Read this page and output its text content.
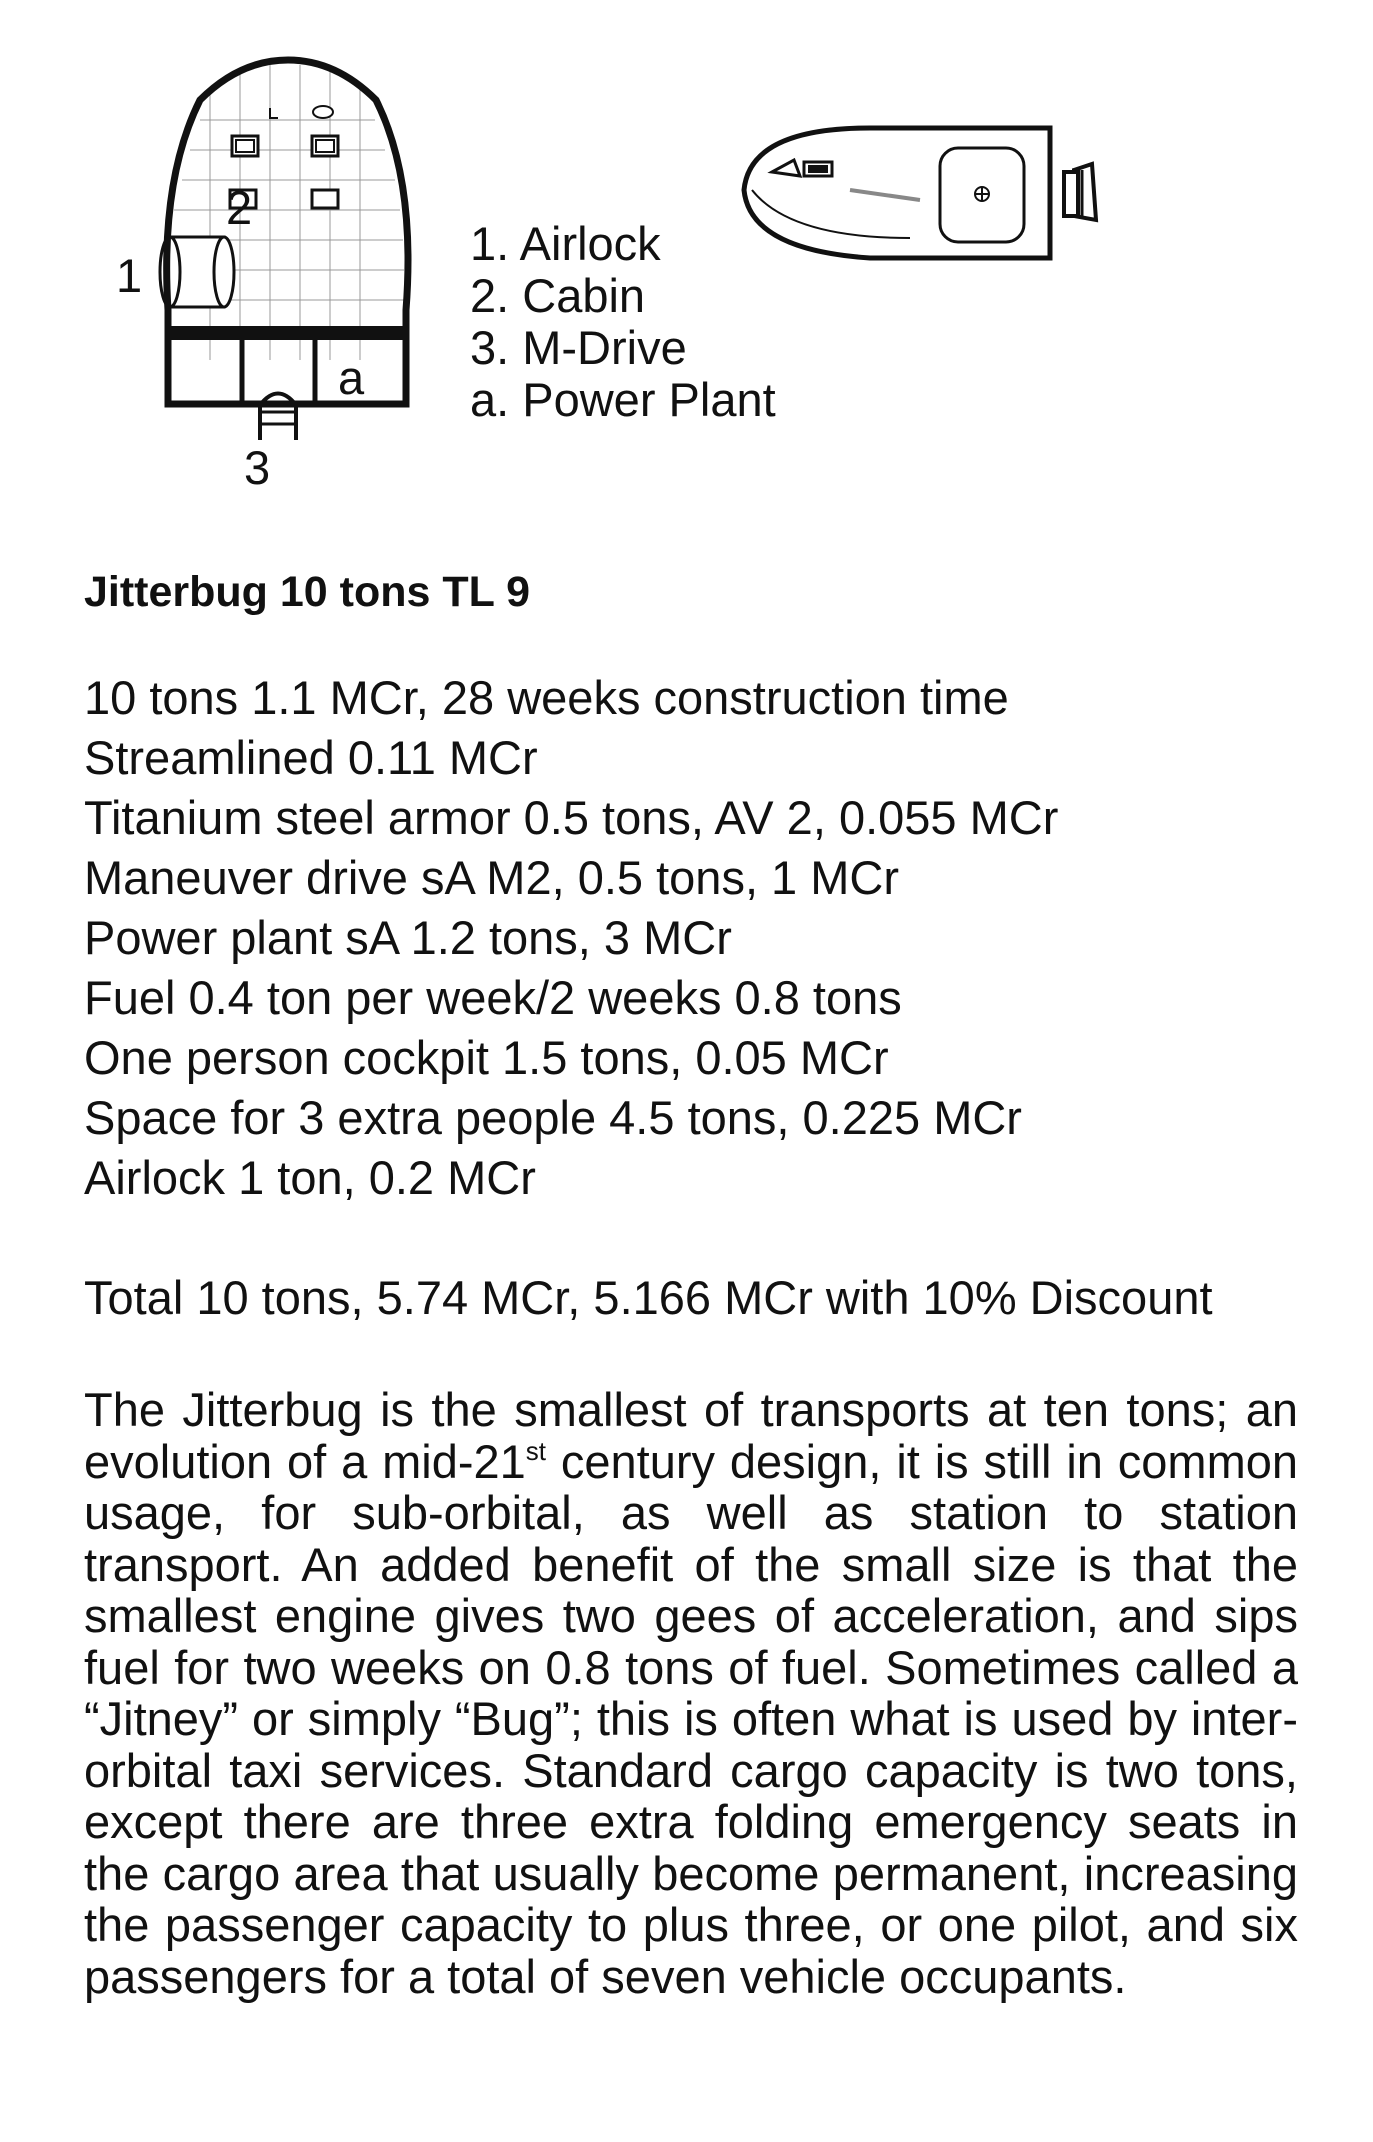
1
2
a
3
1. Airlock
2. Cabin
3. M-Drive
a. Power Plant
Jitterbug 10 tons TL 9
10 tons 1.1 MCr, 28 weeks construction time
Streamlined 0.11 MCr
Titanium steel armor 0.5 tons, AV 2, 0.055 MCr
Maneuver drive sA M2, 0.5 tons, 1 MCr
Power plant sA 1.2 tons, 3 MCr
Fuel 0.4 ton per week/2 weeks 0.8 tons
One person cockpit 1.5 tons, 0.05 MCr
Space for 3 extra people 4.5 tons, 0.225 MCr
Airlock 1 ton, 0.2 MCr
Total 10 tons, 5.74 MCr, 5.166 MCr with 10% Discount
The Jitterbug is the smallest of transports at ten tons; an evolution of a mid-21st century design, it is still in common usage, for sub-orbital, as well as station to station transport. An added benefit of the small size is that the smallest engine gives two gees of acceleration, and sips fuel for two weeks on 0.8 tons of fuel. Sometimes called a “Jitney” or simply “Bug”; this is often what is used by inter-orbital taxi services. Standard cargo capacity is two tons, except there are three extra folding emergency seats in the cargo area that usually become permanent, increasing the passenger capacity to plus three, or one pilot, and six passengers for a total of seven vehicle occupants.
